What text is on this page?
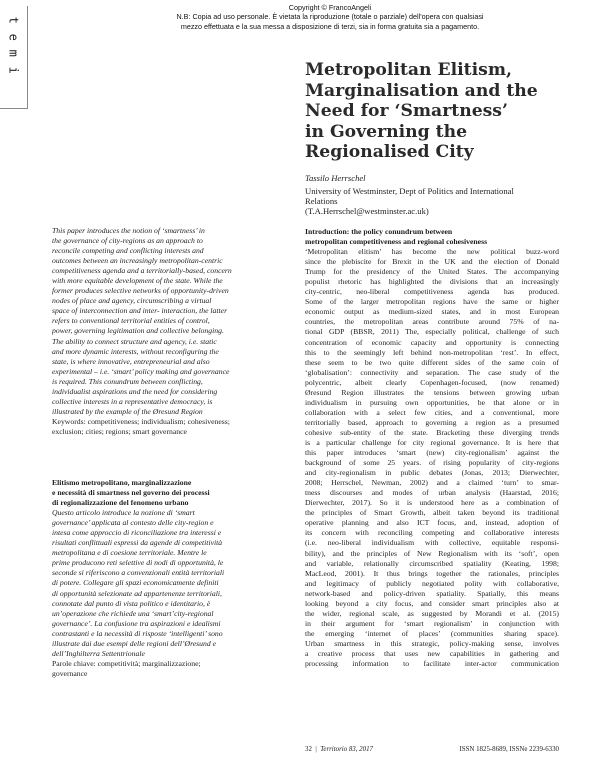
Copyright © FrancoAngeli
N.B: Copia ad uso personale. È vietata la riproduzione (totale o parziale) dell'opera con qualsiasi
mezzo effettuata e la sua messa a disposizione di terzi, sia in forma gratuita sia a pagamento.
t
e
m
i	Metropolitan Elitism,
Marginalisation and the
Need for ‘Smartness’
in Governing the
Regionalised City
Tassilo Herrschel
University of Westminster, Dept of Politics and International
Relations
(T.A.Herrschel@westminster.ac.uk)
This paper introduces the notion of ‘smartness’ in
the governance of city-regions as an approach to
reconcile competing and conflicting interests and
outcomes between an increasingly metropolitan-centric
competitiveness agenda and a territorially-based, concern
with more equitable development of the state. While the
former produces selective networks of opportunity-driven
nodes of place and agency, circumscribing a virtual
space of interconnection and inter- interaction, the latter
refers to conventional territorial entities of control,
power, governing legitimation and collective belonging.
The ability to connect structure and agency, i.e. static
and more dynamic interests, without reconfiguring the
state, is where innovative, entrepreneurial and also
experimental – i.e. ‘smart’ policy making and governance
is required. This conundrum between conflicting,
individualist aspirations and the need for considering
collective interests in a representative democracy, is
illustrated by the example of the Øresund Region
Keywords: competitiveness; individualism; cohesiveness;
exclusion; cities; regions; smart governance
Elitismo metropolitano, marginalizzazione
e necessità di smartness nel governo dei processi
di regionalizzazione del fenomeno urbano
Questo articolo introduce la nozione di ‘smart
governance’ applicata al contesto delle city-region e
intesa come approccio di riconciliazione tra interessi e
risultati conflittuali espressi da agende di competitività
metropolitana e di coesione territoriale. Mentre le
prime producono reti selettive di nodi di opportunità, le
seconde si riferiscono a convenzionali entità territoriali
di potere. Collegare gli spazi economicamente definiti
di opportunità selezionate ad appartenenze territoriali,
connotate dal punto di vista politico e identitario, è
un’operazione che richiede una ‘smart’city-regional
governance’. La confusione tra aspirazioni e idealismi
contrastanti e la necessità di risposte ‘intelligenti’ sono
illustrate dai due esempi delle regioni dell’Øresund e
dell’Inghilterra Settentrionale
Parole chiave: competitività; marginalizzazione;
governance
Introduction: the policy conundrum between
metropolitan competitiveness and regional cohesiveness
‘Metropolitan elitism’ has become the new political buzz-word
since the plebiscite for Brexit in the UK and the election of Donald
Trump for the presidency of the United States. The accompanying
populist rhetoric has highlighted the divisions that an increasingly
city-centric, neo-liberal competitiveness agenda has produced.
Some of the larger metropolitan regions have the same or higher
economic output as medium-sized states, and in most European
countries, the metropolitan areas contribute around 75% of na-
tional GDP (BBSR, 2011) The, especially political, challenge of such
concentration of economic capacity and opportunity is connecting
this to the seemingly left behind non-metropolitan ‘rest’. In effect,
these seem to be two quite different sides of the same coin of
‘globalisation’: connectivity and separation. The case study of the
polycentric, albeit clearly Copenhagen-focused, (now renamed)
Øresund Region illustrates the tensions between growing urban
individualism in pursuing own opportunities, be that alone or in
collaboration with a select few cities, and a conventional, more
territorially based, approach to governing a region as a presumed
cohesive sub-entity of the state. Bracketing these diverging trends
is a particular challenge for city regional governance. It is here that
this paper introduces ‘smart (new) city-regionalism’ against the
background of some 25 years. of rising popularity of city-regions
and city-regionalism in public debates (Jonas, 2013; Dierwechter,
2008; Herrschel, Newman, 2002) and a claimed ‘turn’ to smar-
tness discourses and modes of urban analysis (Haarstad, 2016;
Dierwechter, 2017). So it is understood here as a combination of
the principles of Smart Growth, albeit taken beyond its traditional
operative planning and also ICT focus, and, instead, adoption of
its concern with reconciling competing and collaborative interests
(i.e. neo-liberal individualism with collective, equitable responsi-
bility), and the principles of New Regionalism with its ‘soft’, open
and variable, relationally circumscribed spatiality (Keating, 1998;
MacLeod, 2001). It thus brings together the rationales, principles
and legitimacy of publicly negotiated polity with collaborative,
network-based and policy-driven spatiality. Spatially, this means
looking beyond a city focus, and consider smart principles also at
the wider, regional scale, as suggested by Morandi et al. (2015)
in their argument for ‘smart regionalism’ in conjunction with
the emerging ‘internet of places’ (communities sharing space).
Urban smartness in this strategic, policy-making sense, involves
a creative process that uses new capabilities in gathering and
processing information to facilitate inter-actor communication
32  |  Territorio 83, 2017	ISSN 1825-8689, ISSNe 2239-6330
